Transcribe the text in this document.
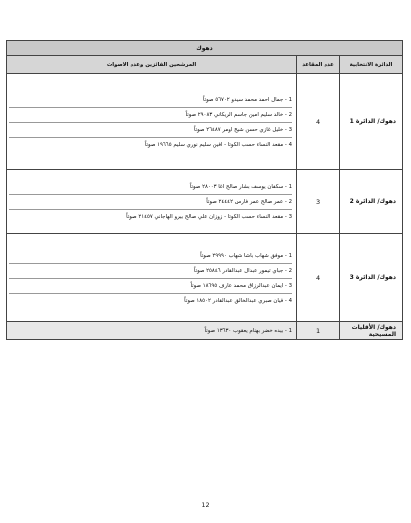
دهوك		
الدائرة الانتخابية	عدد المقاعد	المرشحين الفائزين وعدد الاصوات
دهوك/ الدائرة 1	4	1 - جمال احمد محمد سيدو ٥٦٧٠٢ صوتاً
2 - خالد سليم امين جاسم الريكاني ٢٩٠٨٣ صوتاً
3 - خليل غازي حسن شيخ اومر ٢٦٤٨٧ صوتاً
4 - مقعد النساء حسب الكوتا - افين سليم نوري سليم ١٩٦٦٥ صوتاً

دهوك/ الدائرة 2	3	1 - سكفان يوسف بشار صالح اغا ٢٨٠٠٣ صوتاً
2 - عمر صالح عمر فارس ٢٤٤٤٢ صوتاً
3 - مقعد النساء حسب الكوتا - زوزان علي صالح بيرو الهاجاني ٢١٤٥٧ صوتاً

دهوك/ الدائرة 3	4	1 - موفق شهاب باشا شهاب ٢٩٩٩٠ صوتاً
2 - جباي تيمور عبدال عبدالقادر ٢٥٨٤٦ صوتاً
3 - ايمان عبدالرزاق محمد عارف ١٨٦٩٥ صوتاً
4 - فيان صبري عبدالخالق عبدالقادر ١٨٥٠٢ صوتاً

دهوك/ الأقليات المسيحية	1	1 - بيده خضر بهنام يعقوب ١٣٦٣٠ صوتاً
12
